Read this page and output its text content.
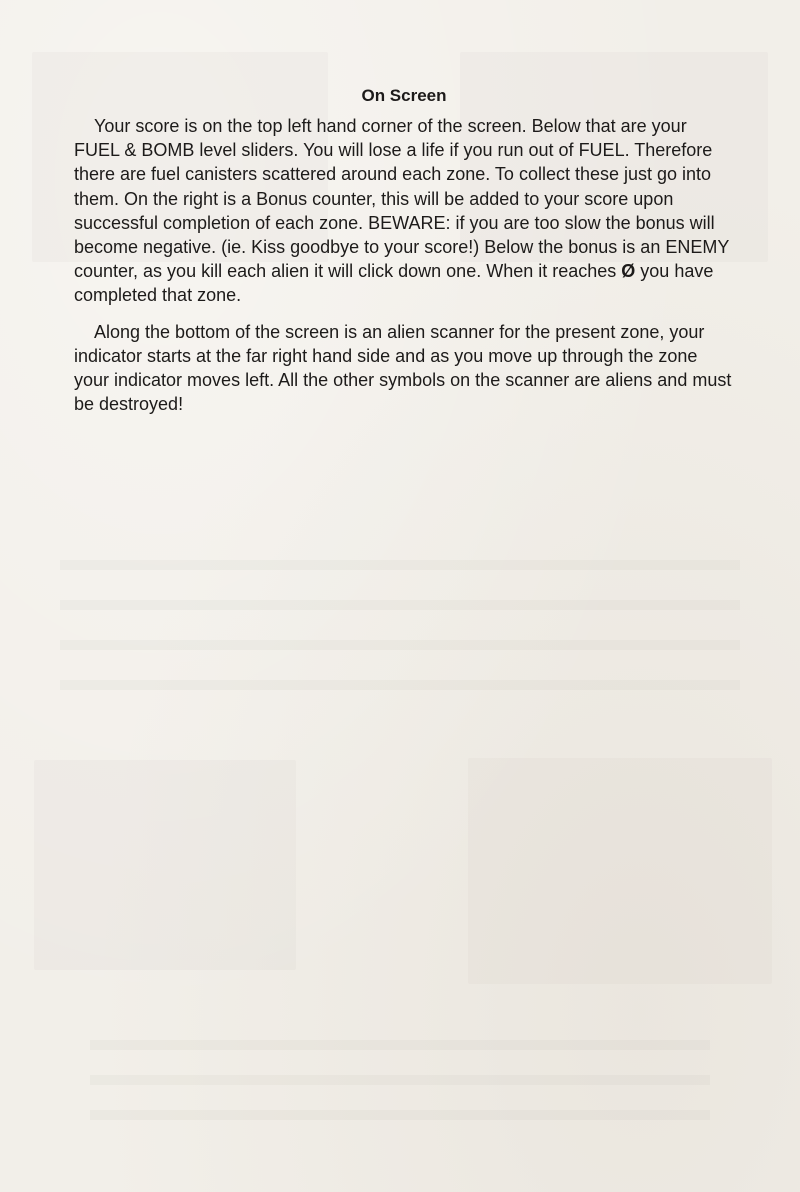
On Screen

Your score is on the top left hand corner of the screen. Below that are your FUEL & BOMB level sliders. You will lose a life if you run out of FUEL. Therefore there are fuel canisters scattered around each zone. To collect these just go into them. On the right is a Bonus counter, this will be added to your score upon successful completion of each zone. BEWARE: if you are too slow the bonus will become negative. (ie. Kiss goodbye to your score!) Below the bonus is an ENEMY counter, as you kill each alien it will click down one. When it reaches Ø you have completed that zone.

Along the bottom of the screen is an alien scanner for the present zone, your indicator starts at the far right hand side and as you move up through the zone your indicator moves left. All the other symbols on the scanner are aliens and must be destroyed!
